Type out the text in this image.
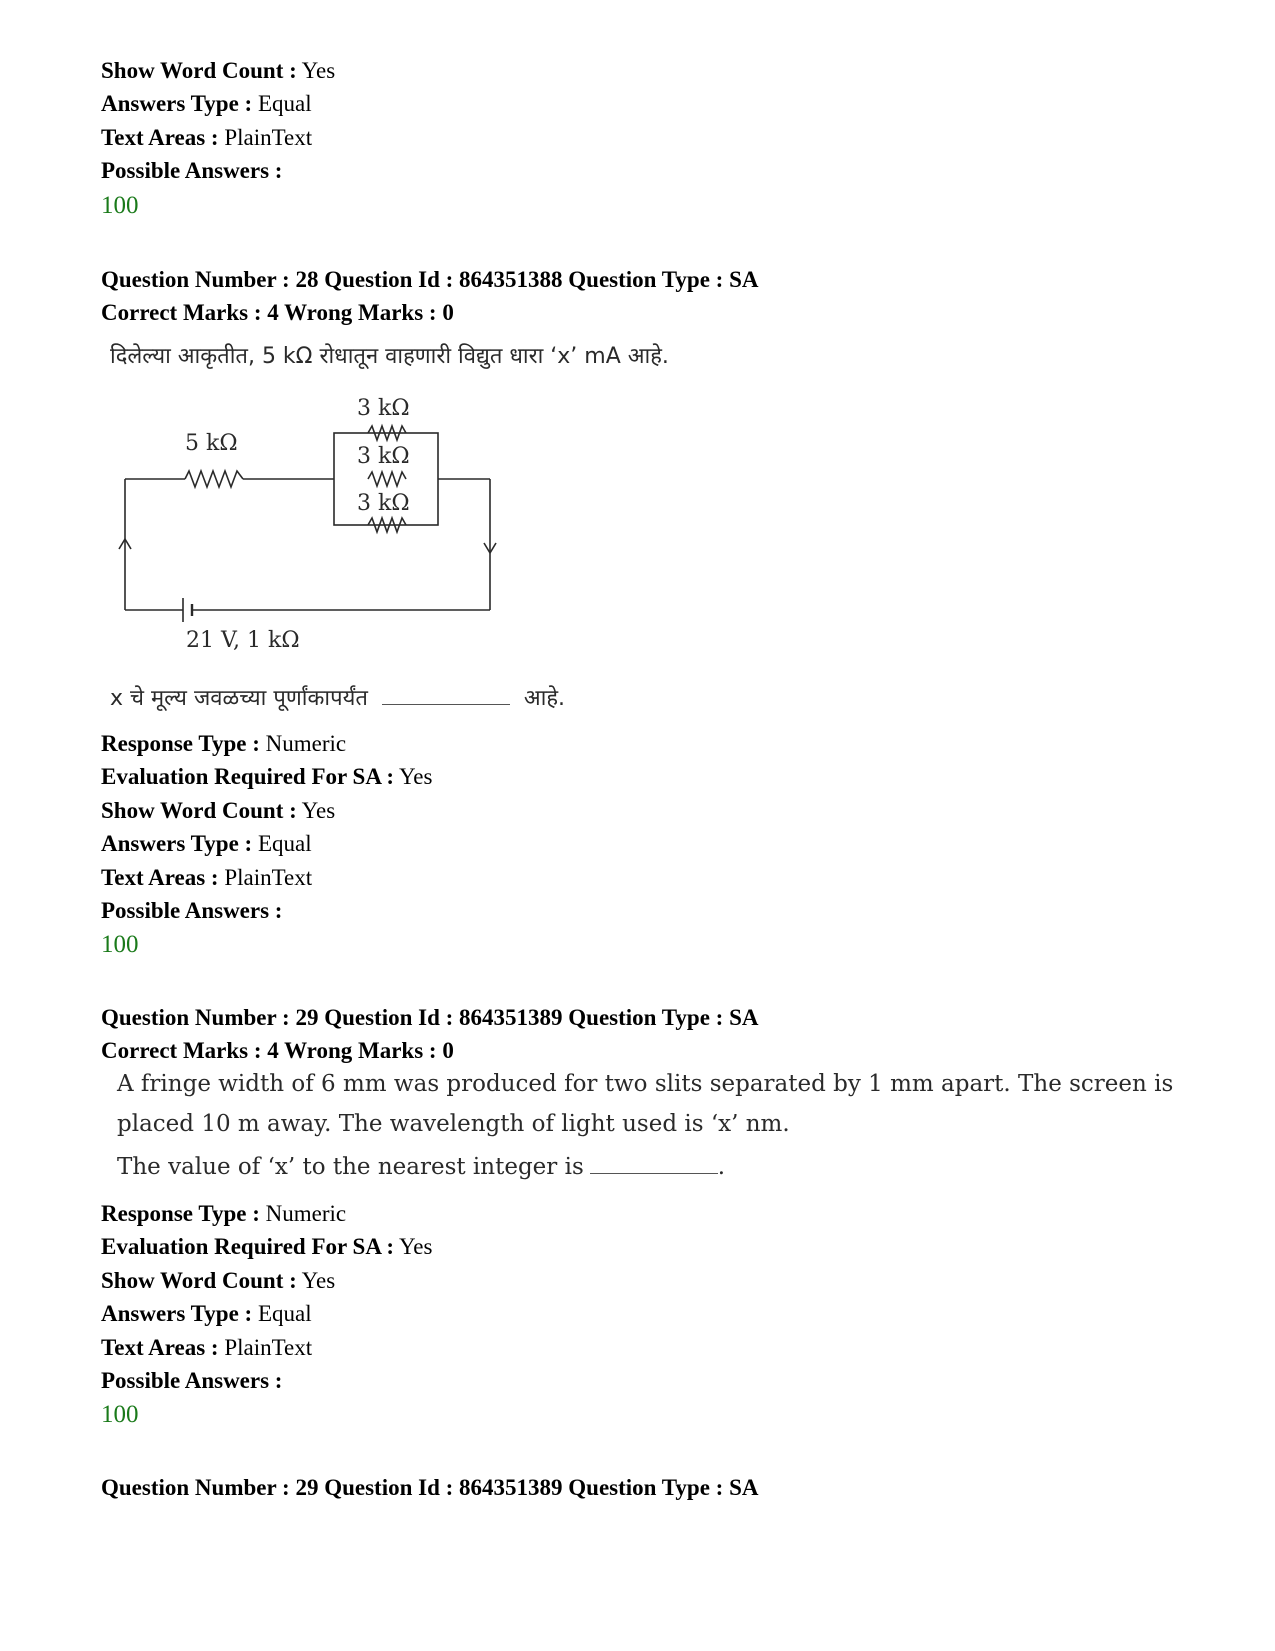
Show Word Count : Yes
Answers Type : Equal
Text Areas : PlainText
Possible Answers :
100
Question Number : 28 Question Id : 864351388 Question Type : SA
Correct Marks : 4 Wrong Marks : 0
दिलेल्या आकृतीत, 5 kΩ रोधातून वाहणारी विद्युत धारा ‘x’ mA आहे.
5 kΩ
3 kΩ
3 kΩ
3 kΩ
21 V, 1 kΩ
x चे मूल्य जवळच्या पूर्णांकापर्यंत	आहे.
Response Type : Numeric
Evaluation Required For SA : Yes
Show Word Count : Yes
Answers Type : Equal
Text Areas : PlainText
Possible Answers :
100
Question Number : 29 Question Id : 864351389 Question Type : SA
Correct Marks : 4 Wrong Marks : 0
A fringe width of 6 mm was produced for two slits separated by 1 mm apart. The screen is
placed 10 m away. The wavelength of light used is ‘x’ nm.
The value of ‘x’ to the nearest integer is	.
Response Type : Numeric
Evaluation Required For SA : Yes
Show Word Count : Yes
Answers Type : Equal
Text Areas : PlainText
Possible Answers :
100
Question Number : 29 Question Id : 864351389 Question Type : SA
